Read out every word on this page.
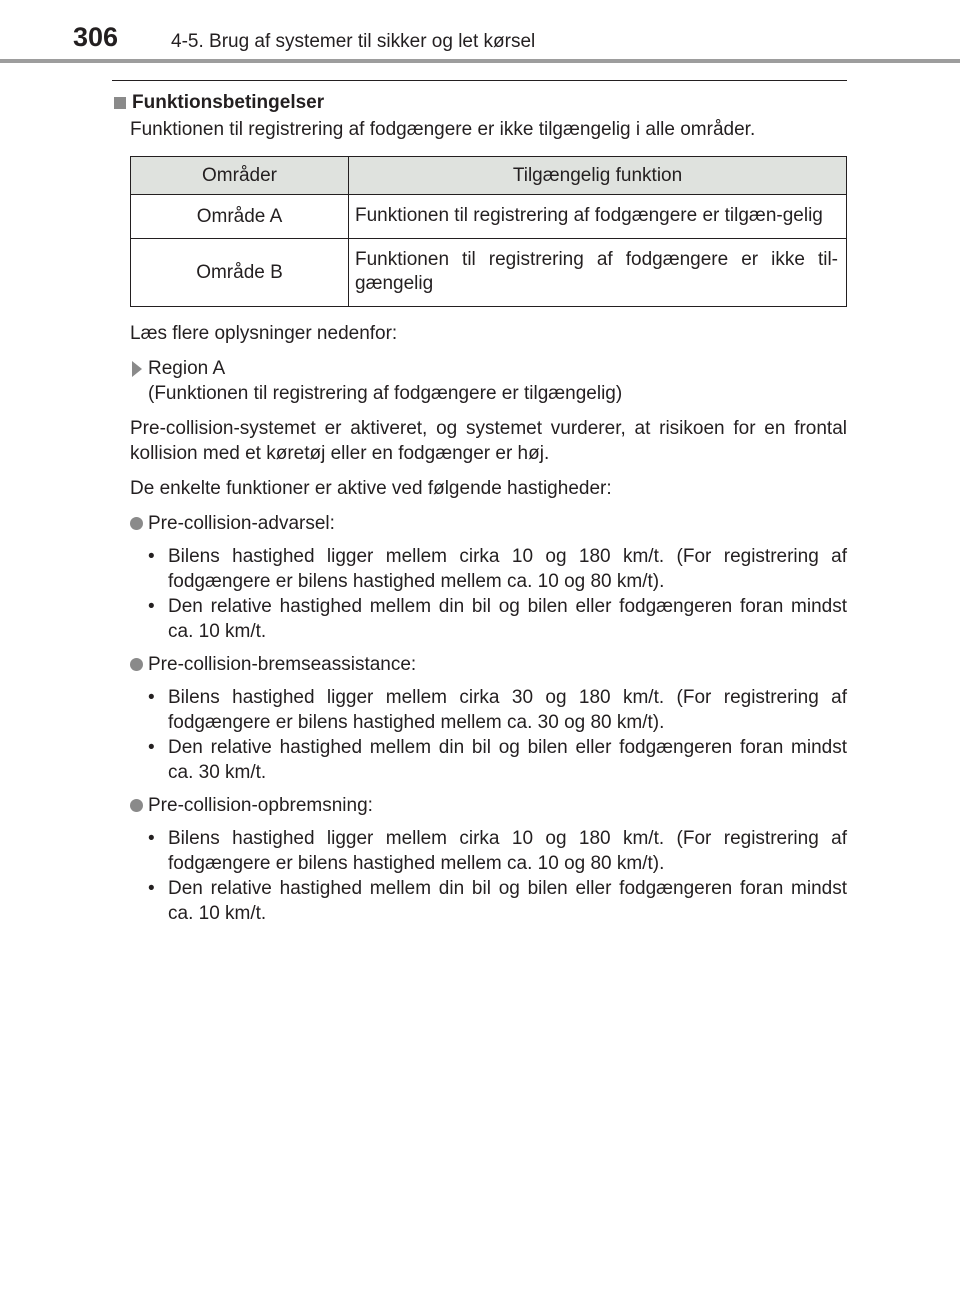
306	4-5. Brug af systemer til sikker og let kørsel
Funktionsbetingelser

Funktionen til registrering af fodgængere er ikke tilgængelig i alle områder.

Områder	Tilgængelig funktion
Område A	Funktionen til registrering af fodgængere er tilgæn-gelig
Område B	Funktionen til registrering af fodgængere er ikke til-gængelig

Læs flere oplysninger nedenfor:

Region A
(Funktionen til registrering af fodgængere er tilgængelig)

Pre-collision-systemet er aktiveret, og systemet vurderer, at risikoen for en frontal kollision med et køretøj eller en fodgænger er høj.

De enkelte funktioner er aktive ved følgende hastigheder:

Pre-collision-advarsel:
• Bilens hastighed ligger mellem cirka 10 og 180 km/t. (For registrering af fodgængere er bilens hastighed mellem ca. 10 og 80 km/t).
• Den relative hastighed mellem din bil og bilen eller fodgængeren foran mindst ca. 10 km/t.
Pre-collision-bremseassistance:
• Bilens hastighed ligger mellem cirka 30 og 180 km/t. (For registrering af fodgængere er bilens hastighed mellem ca. 30 og 80 km/t).
• Den relative hastighed mellem din bil og bilen eller fodgængeren foran mindst ca. 30 km/t.
Pre-collision-opbremsning:
• Bilens hastighed ligger mellem cirka 10 og 180 km/t. (For registrering af fodgængere er bilens hastighed mellem ca. 10 og 80 km/t).
• Den relative hastighed mellem din bil og bilen eller fodgængeren foran mindst ca. 10 km/t.
